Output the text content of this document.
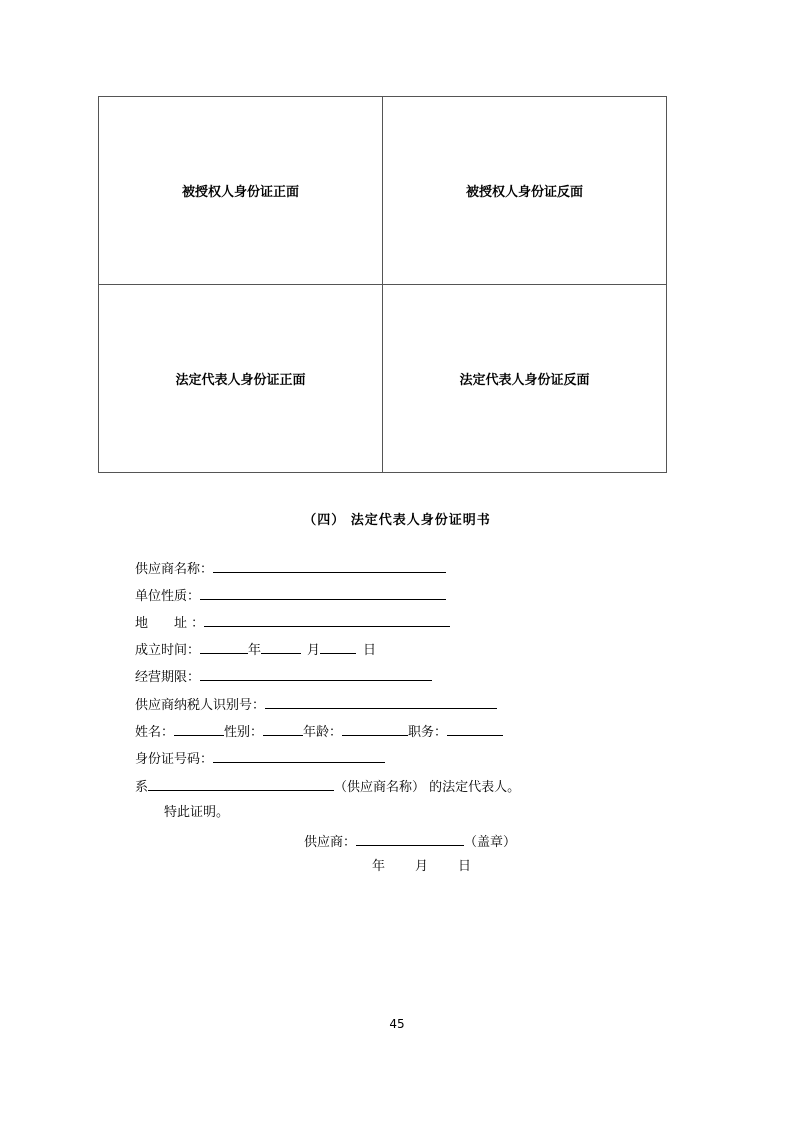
被授权人身份证正面	被授权人身份证反面
法定代表人身份证正面	法定代表人身份证反面
（四） 法定代表人身份证明书
供应商名称：
单位性质：
地　　址 ：
成立时间：	年	月	日
经营期限：
供应商纳税人识别号：
姓名：	性别：	年龄：	职务：
身份证号码：
系	（供应商名称） 的法定代表人。
特此证明。
供应商：	（盖章）
年 月 日
45
